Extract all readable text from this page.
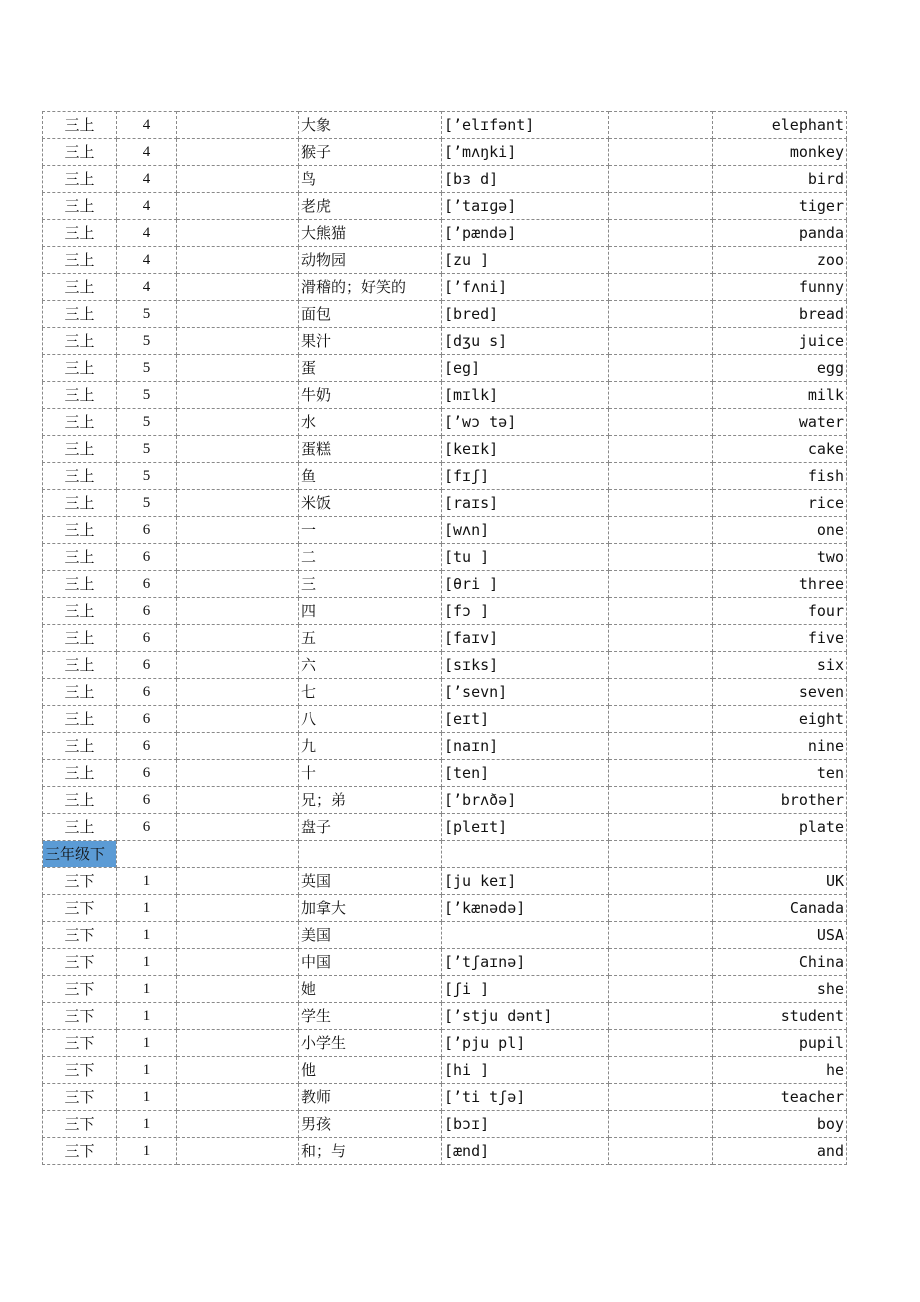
三上	4		大象	[’elɪfənt]		elephant
三上	4		猴子	[’mʌŋki]		monkey
三上	4		鸟	[bɜ d]		bird
三上	4		老虎	[’taɪɡə]		tiger
三上	4		大熊猫	[’pændə]		panda
三上	4		动物园	[zu ]		zoo
三上	4		滑稽的；好笑的	[’fʌni]		funny
三上	5		面包	[bred]		bread
三上	5		果汁	[dʒu s]		juice
三上	5		蛋	[eg]		egg
三上	5		牛奶	[mɪlk]		milk
三上	5		水	[’wɔ tə]		water
三上	5		蛋糕	[keɪk]		cake
三上	5		鱼	[fɪʃ]		fish
三上	5		米饭	[raɪs]		rice
三上	6		一	[wʌn]		one
三上	6		二	[tu ]		two
三上	6		三	[θri ]		three
三上	6		四	[fɔ ]		four
三上	6		五	[faɪv]		five
三上	6		六	[sɪks]		six
三上	6		七	[’sevn]		seven
三上	6		八	[eɪt]		eight
三上	6		九	[naɪn]		nine
三上	6		十	[ten]		ten
三上	6		兄；弟	[’brʌðə]		brother
三上	6		盘子	[pleɪt]		plate
三年级下						
三下	1		英国	[ju keɪ]		UK
三下	1		加拿大	[’kænədə]		Canada
三下	1		美国			USA
三下	1		中国	[’tʃaɪnə]		China
三下	1		她	[ʃi ]		she
三下	1		学生	[’stju dənt]		student
三下	1		小学生	[’pju pl]		pupil
三下	1		他	[hi ]		he
三下	1		教师	[’ti tʃə]		teacher
三下	1		男孩	[bɔɪ]		boy
三下	1		和；与	[ænd]		and
